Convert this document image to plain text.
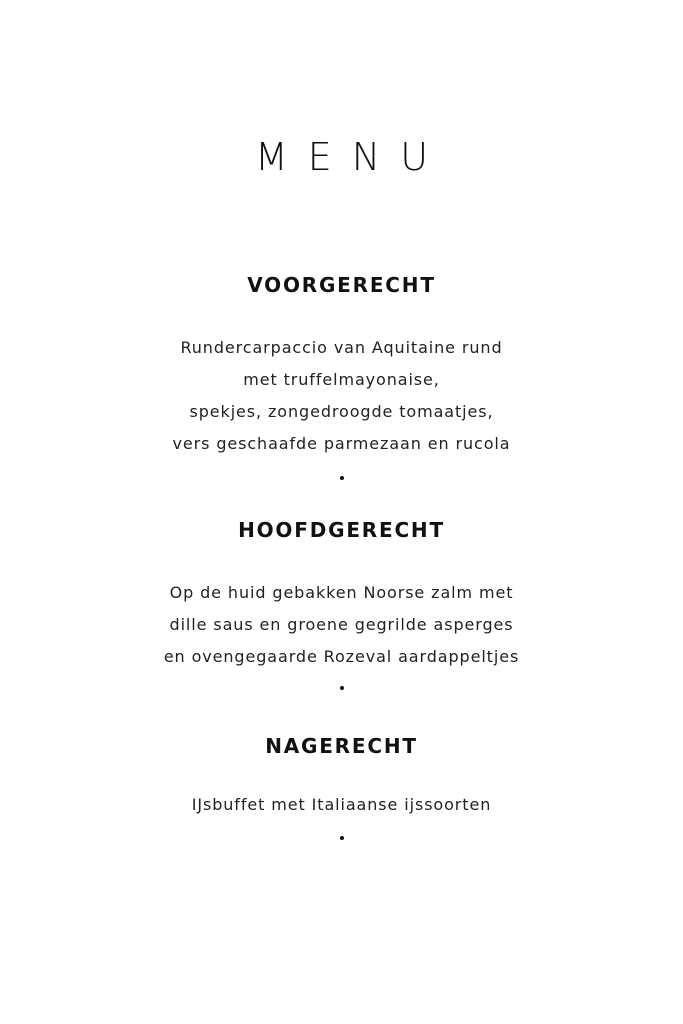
MENU
VOORGERECHT
Rundercarpaccio van Aquitaine rund
met truffelmayonaise,
spekjes, zongedroogde tomaatjes,
vers geschaafde parmezaan en rucola
HOOFDGERECHT
Op de huid gebakken Noorse zalm met
dille saus en groene gegrilde asperges
en ovengegaarde Rozeval aardappeltjes
NAGERECHT
IJsbuffet met Italiaanse ijssoorten
